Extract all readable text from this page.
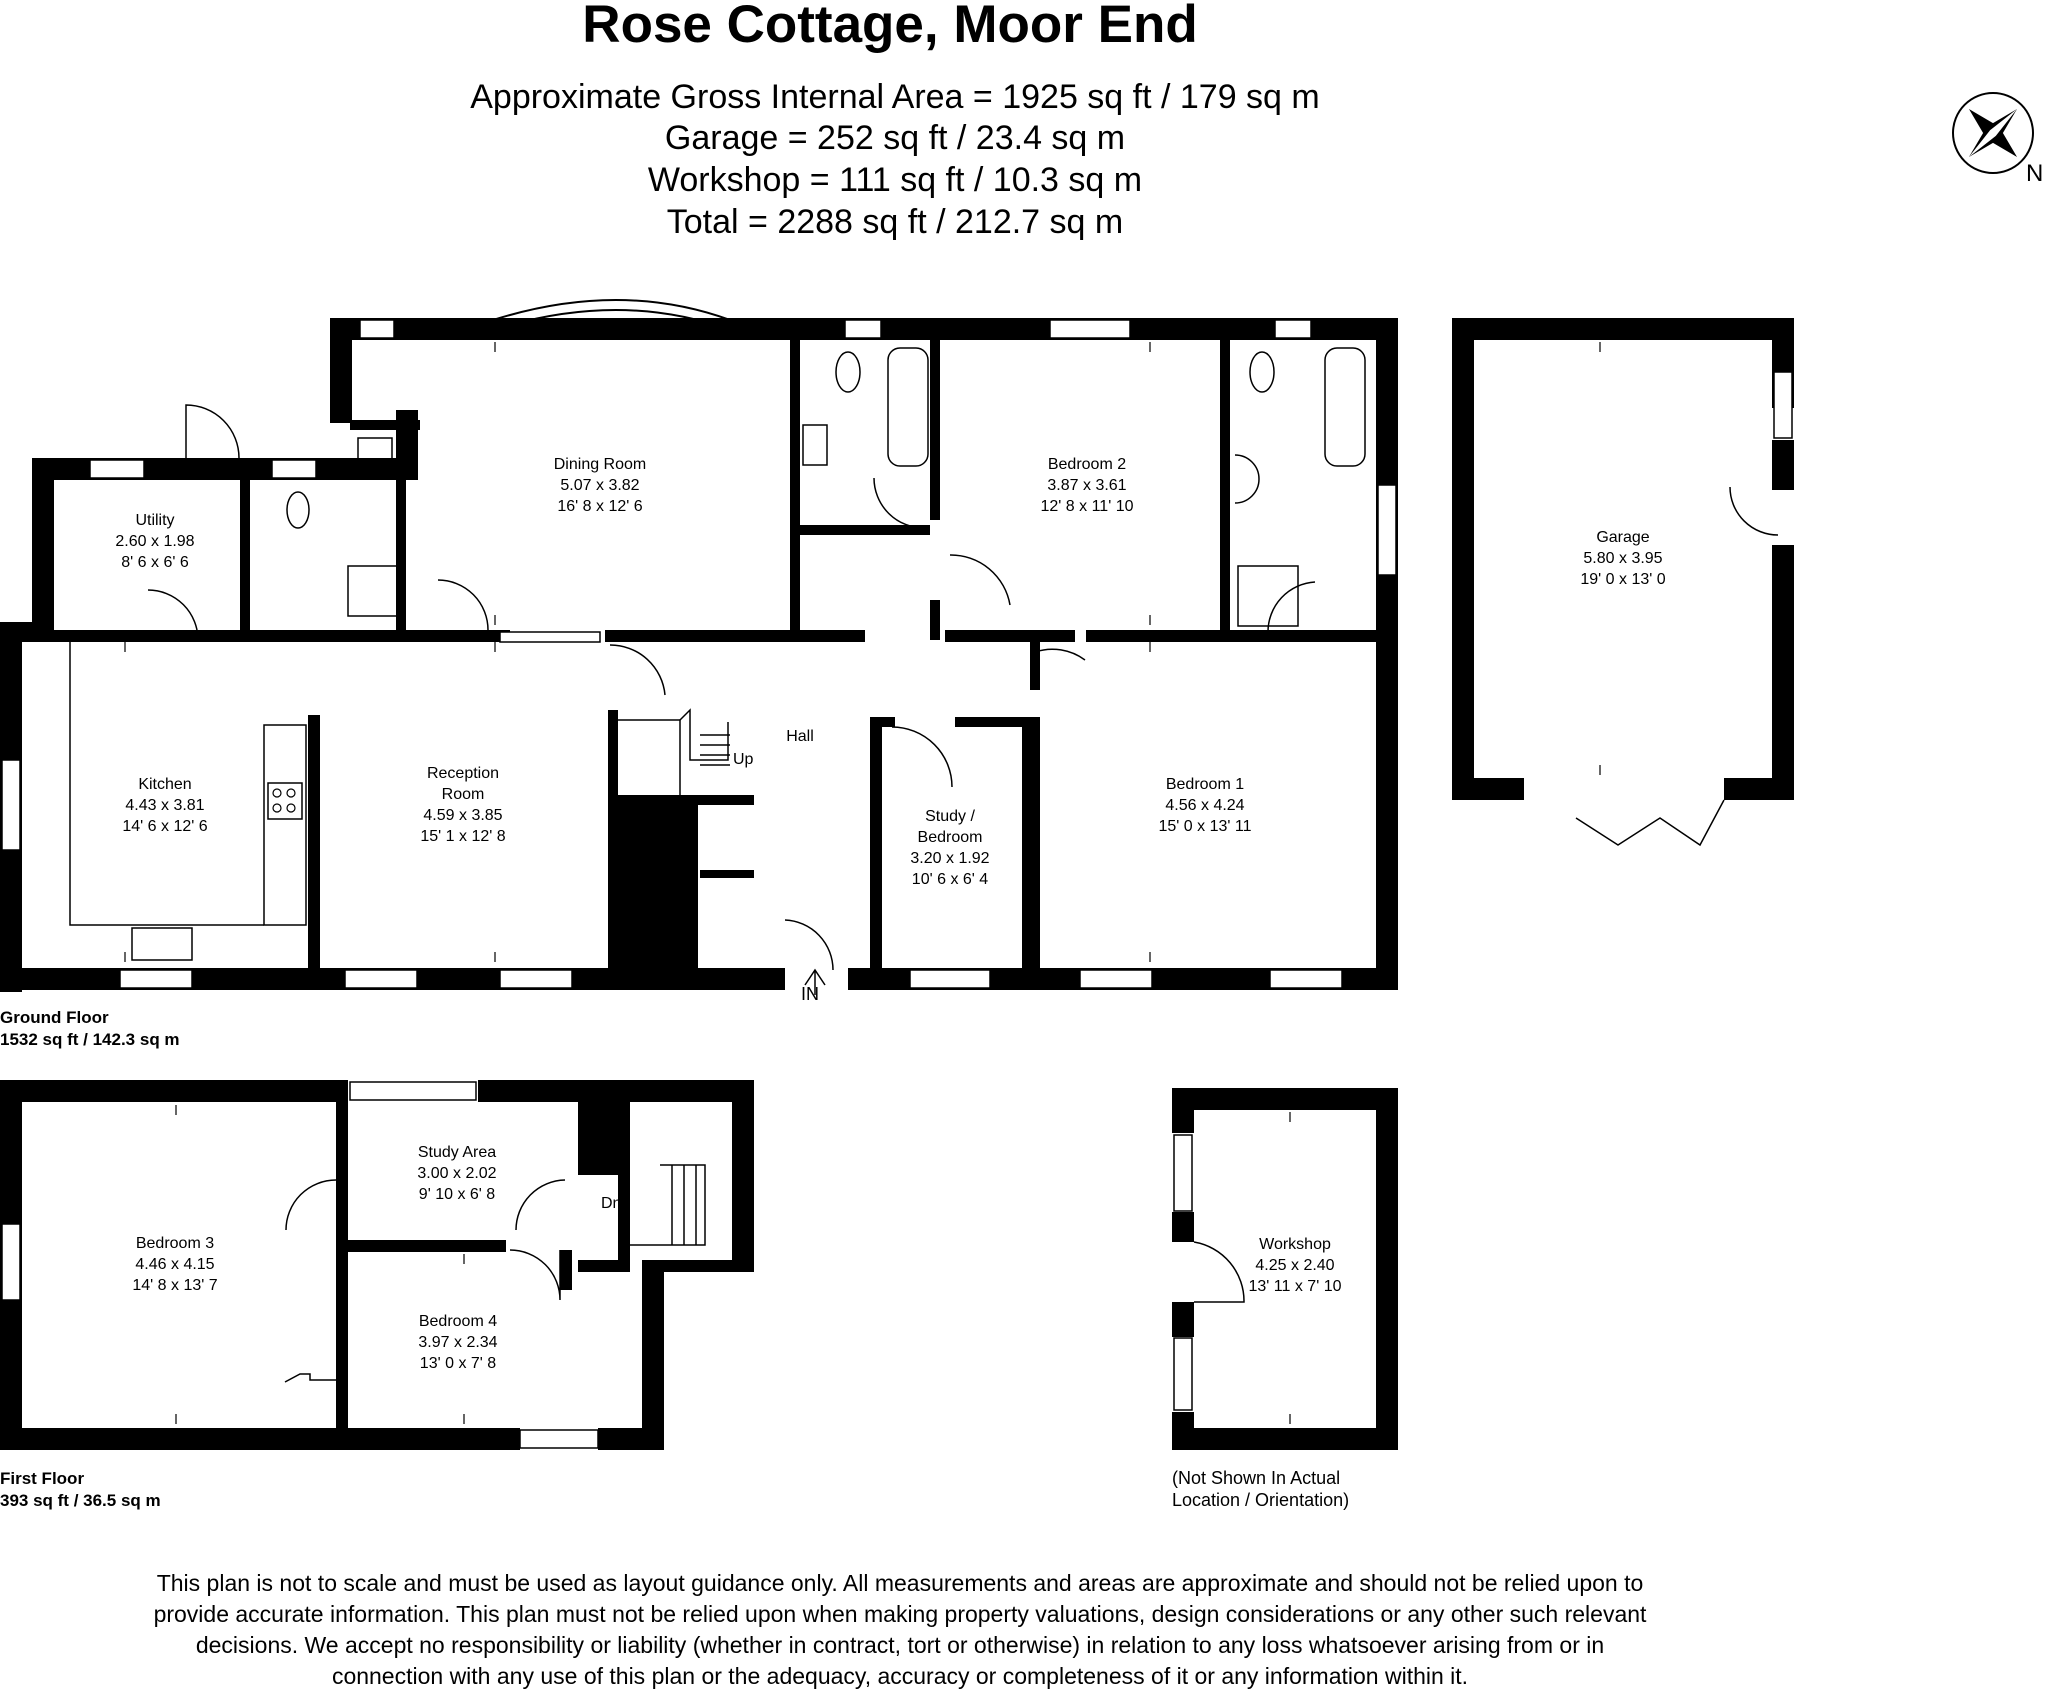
Rose Cottage, Moor End
Approximate Gross Internal Area = 1925 sq ft / 179 sq m
Garage = 252 sq ft / 23.4 sq m
Workshop = 111 sq ft / 10.3 sq m
Total = 2288 sq ft / 212.7 sq m
N
Utility
2.60 x 1.98
8' 6 x 6' 6
Dining Room
5.07 x 3.82
16' 8 x 12' 6
Bedroom 2
3.87 x 3.61
12' 8 x 11' 10
Kitchen
4.43 x 3.81
14' 6 x 12' 6
Reception
Room
4.59 x 3.85
15' 1 x 12' 8
Hall
Up
Study /
Bedroom
3.20 x 1.92
10' 6 x 6' 4
Bedroom 1
4.56 x 4.24
15' 0 x 13' 11
IN
Garage
5.80 x 3.95
19' 0 x 13' 0
Ground Floor
1532 sq ft / 142.3 sq m
Bedroom 3
4.46 x 4.15
14' 8 x 13' 7
Study Area
3.00 x 2.02
9' 10 x 6' 8
Bedroom 4
3.97 x 2.34
13' 0 x 7' 8
Dn
First Floor
393 sq ft / 36.5 sq m
Workshop
4.25 x 2.40
13' 11 x 7' 10
(Not Shown In Actual
Location / Orientation)
This plan is not to scale and must be used as layout guidance only. All measurements and areas are approximate and should not be relied upon to
provide accurate information. This plan must not be relied upon when making property valuations, design considerations or any other such relevant
decisions. We accept no responsibility or liability (whether in contract, tort or otherwise) in relation to any loss whatsoever arising from or in
connection with any use of this plan or the adequacy, accuracy or completeness of it or any information within it.
